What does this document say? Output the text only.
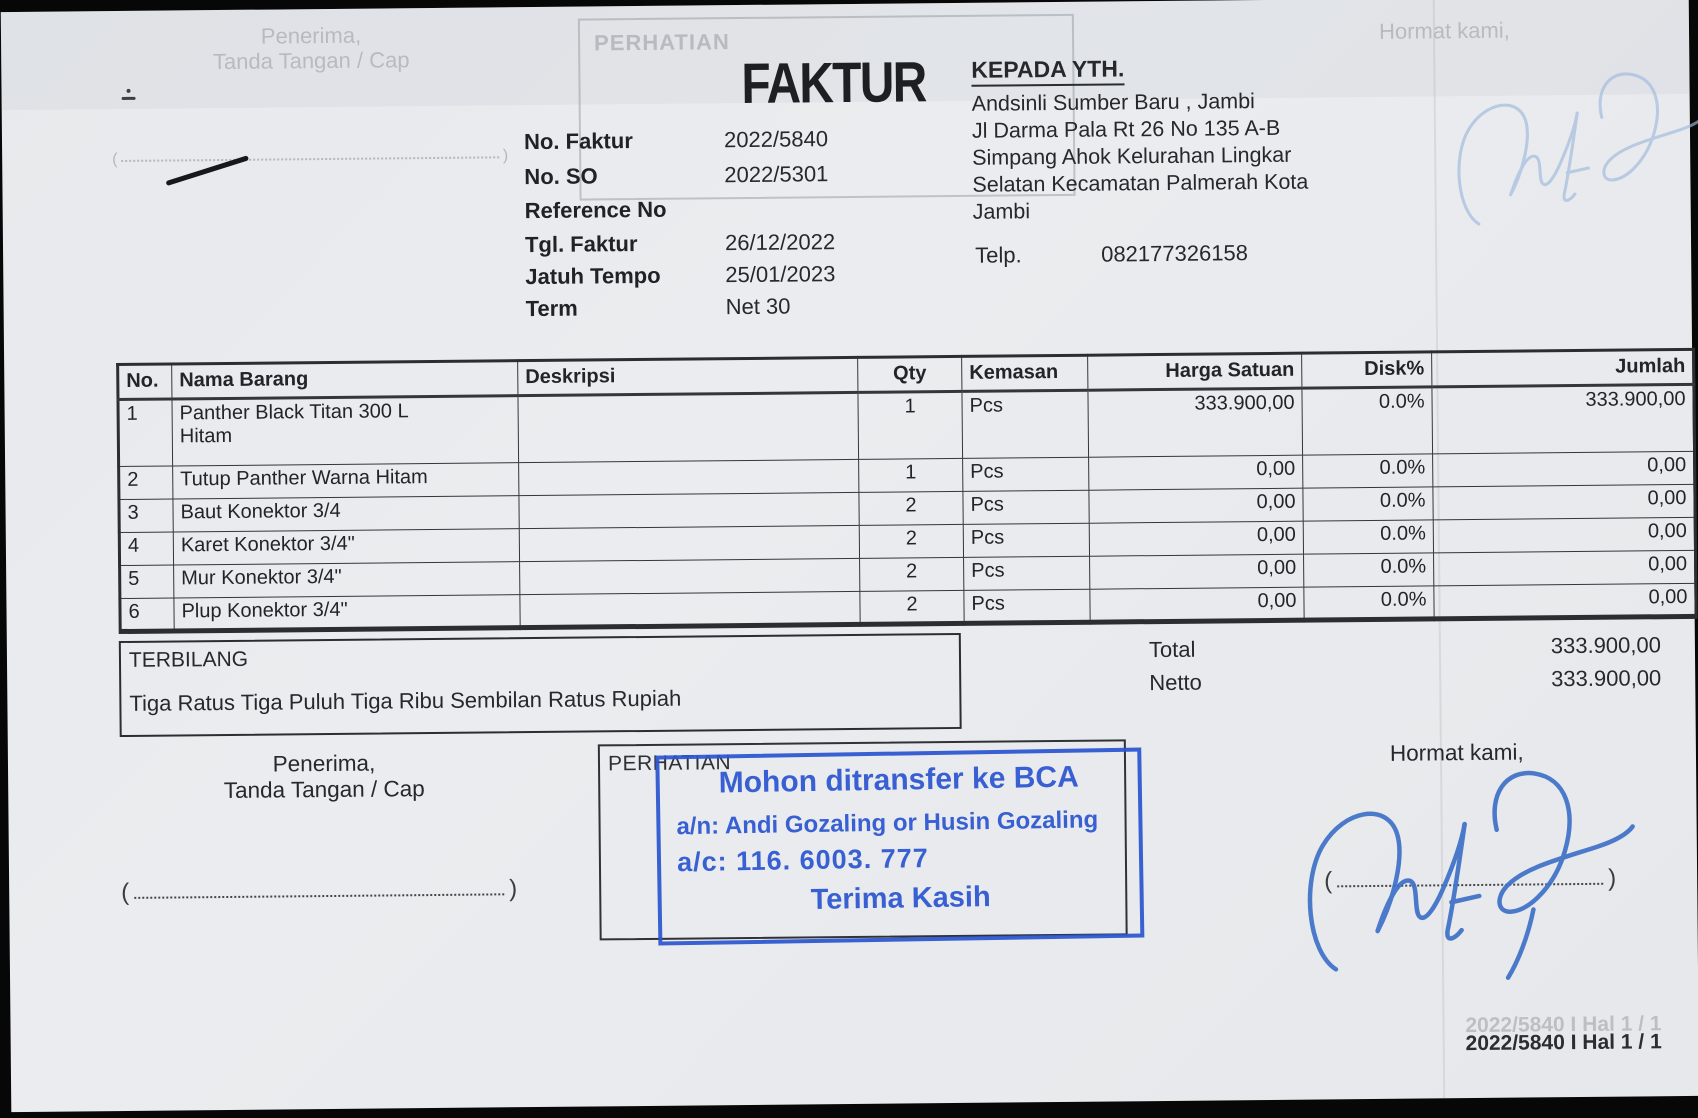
Penerima,
Tanda Tangan / Cap
(	)
PERHATIAN	Hormat kami,
FAKTUR
No. Faktur	2022/5840
No. SO	2022/5301
Reference No
Tgl. Faktur	26/12/2022
Jatuh Tempo	25/01/2023
Term	Net 30
KEPADA YTH.
Andsinli Sumber Baru , Jambi
Jl Darma Pala Rt 26 No 135 A-B
Simpang Ahok Kelurahan Lingkar
Selatan Kecamatan Palmerah Kota
Jambi
Telp.	082177326158
No.	Nama Barang	Deskripsi	Qty	Kemasan	Harga Satuan	Disk%	Jumlah
1	Panther Black Titan 300 L
Hitam		1	Pcs	333.900,00	0.0%	333.900,00
2	Tutup Panther Warna Hitam		1	Pcs	0,00	0.0%	0,00
3	Baut Konektor 3/4		2	Pcs	0,00	0.0%	0,00
4	Karet Konektor 3/4"		2	Pcs	0,00	0.0%	0,00
5	Mur Konektor 3/4"		2	Pcs	0,00	0.0%	0,00
6	Plup Konektor 3/4"		2	Pcs	0,00	0.0%	0,00
TERBILANG
Tiga Ratus Tiga Puluh Tiga Ribu Sembilan Ratus Rupiah
Total	333.900,00
Netto	333.900,00
Penerima,
Tanda Tangan / Cap
(	)
PERHATIAN
Mohon ditransfer ke BCA
a/n: Andi Gozaling or Husin Gozaling
a/c: 116. 6003. 777
Terima Kasih
Hormat kami,
(	)
2022/5840 I Hal 1 / 1
2022/5840 I Hal 1 / 1
